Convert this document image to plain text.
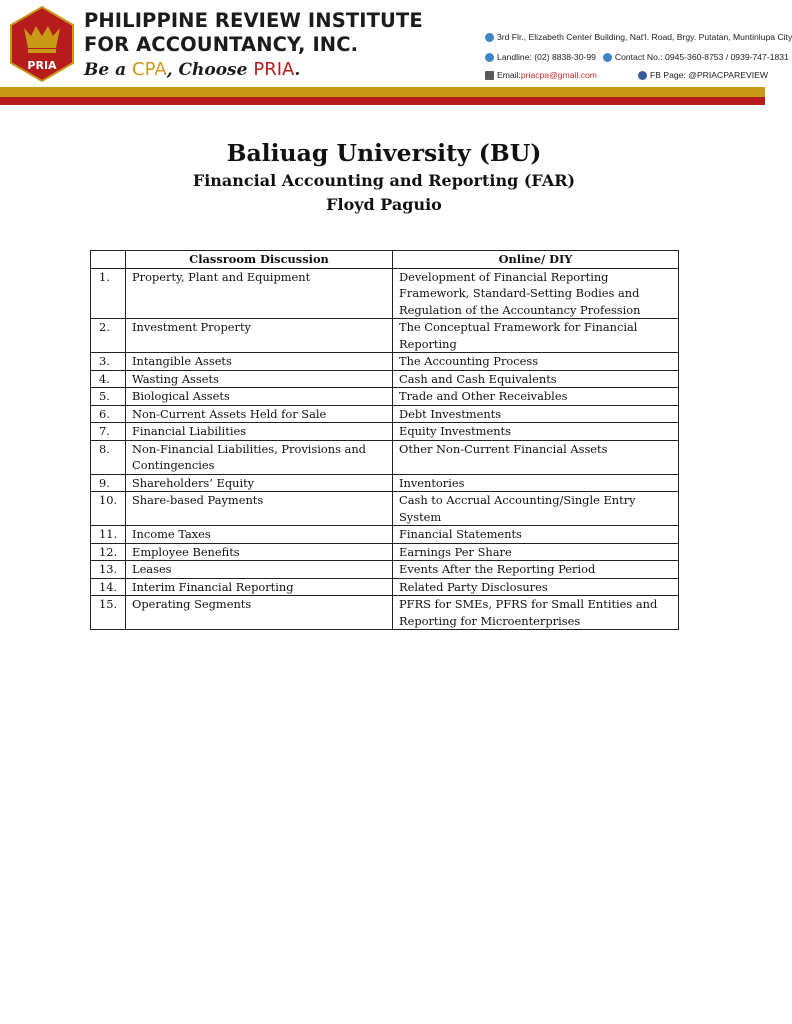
PRIA
PHILIPPINE REVIEW INSTITUTE
FOR ACCOUNTANCY, INC.
Be a CPA, Choose PRIA.
3rd Flr., Elizabeth Center Building, Nat'l. Road, Brgy. Putatan, Muntinlupa City
Landline: (02) 8838-30-99 Contact No.: 0945-360-8753 / 0939-747-1831
Email: priacpa@gmail.com	FB Page: @PRIACPAREVIEW
Baliuag University (BU)
Financial Accounting and Reporting (FAR)
Floyd Paguio
	Classroom Discussion	Online/ DIY
1.	Property, Plant and Equipment	Development of Financial Reporting Framework, Standard-Setting Bodies and Regulation of the Accountancy Profession
2.	Investment Property	The Conceptual Framework for Financial Reporting
3.	Intangible Assets	The Accounting Process
4.	Wasting Assets	Cash and Cash Equivalents
5.	Biological Assets	Trade and Other Receivables
6.	Non-Current Assets Held for Sale	Debt Investments
7.	Financial Liabilities	Equity Investments
8.	Non-Financial Liabilities, Provisions and Contingencies	Other Non-Current Financial Assets
9.	Shareholders’ Equity	Inventories
10.	Share-based Payments	Cash to Accrual Accounting/Single Entry System
11.	Income Taxes	Financial Statements
12.	Employee Benefits	Earnings Per Share
13.	Leases	Events After the Reporting Period
14.	Interim Financial Reporting	Related Party Disclosures
15.	Operating Segments	PFRS for SMEs, PFRS for Small Entities and Reporting for Microenterprises
